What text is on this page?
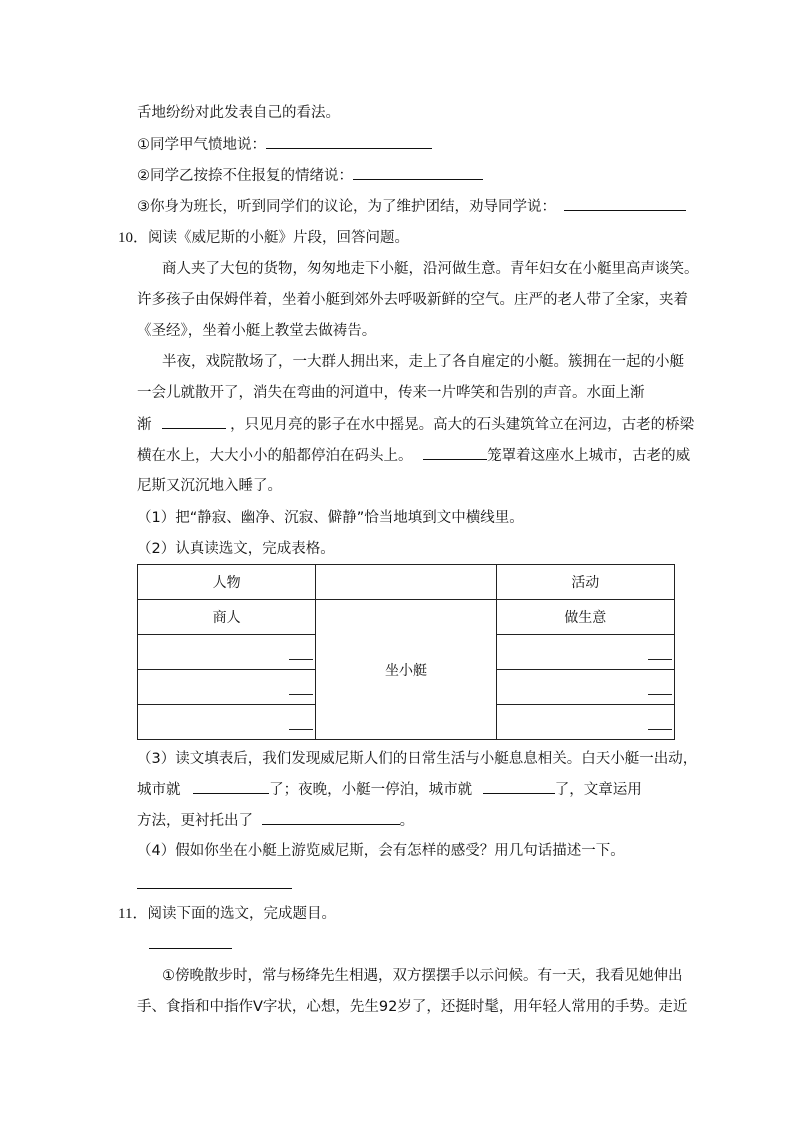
舌地纷纷对此发表自己的看法。
①同学甲气愤地说：
②同学乙按捺不住报复的情绪说：
③你身为班长，听到同学们的议论，为了维护团结，劝导同学说：
10．阅读《威尼斯的小艇》片段，回答问题。
商人夹了大包的货物，匆匆地走下小艇，沿河做生意。青年妇女在小艇里高声谈笑。
许多孩子由保姆伴着，坐着小艇到郊外去呼吸新鲜的空气。庄严的老人带了全家，夹着
《圣经》，坐着小艇上教堂去做祷告。
半夜，戏院散场了，一大群人拥出来，走上了各自雇定的小艇。簇拥在一起的小艇
一会儿就散开了，消失在弯曲的河道中，传来一片哗笑和告别的声音。水面上渐
渐	，只见月亮的影子在水中摇晃。高大的石头建筑耸立在河边，古老的桥梁
横在水上，大大小小的船都停泊在码头上。	笼罩着这座水上城市，古老的威
尼斯又沉沉地入睡了。
（1）把“静寂、幽净、沉寂、僻静”恰当地填到文中横线里。
（2）认真读选文，完成表格。
人物		活动
商人	坐小艇	做生意

（3）读文填表后，我们发现威尼斯人们的日常生活与小艇息息相关。白天小艇一出动，
城市就	了；夜晚，小艇一停泊，城市就	了，文章运用
方法，更衬托出了	。
（4）假如你坐在小艇上游览威尼斯，会有怎样的感受？用几句话描述一下。
11．阅读下面的选文，完成题目。
①傍晚散步时，常与杨绛先生相遇，双方摆摆手以示问候。有一天，我看见她伸出
手、食指和中指作V字状，心想，先生92岁了，还挺时髦，用年轻人常用的手势。走近
